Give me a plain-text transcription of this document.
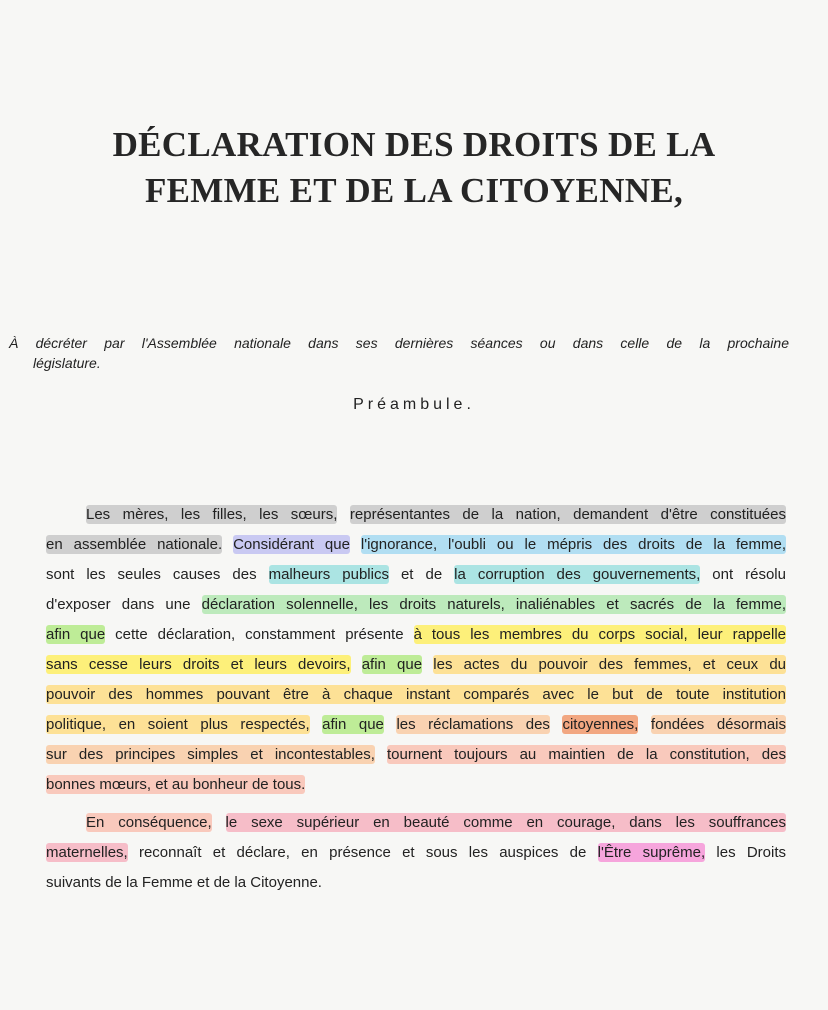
DÉCLARATION DES DROITS DE LA
FEMME ET DE LA CITOYENNE,
À décréter par l'Assemblée nationale dans ses dernières séances ou dans celle de la prochaine
législature.
Préambule.
Les mères, les filles, les sœurs, représentantes de la nation, demandent d'être constituées
en assemblée nationale. Considérant que l'ignorance, l'oubli ou le mépris des droits de la femme,
sont les seules causes des malheurs publics et de la corruption des gouvernements, ont résolu
d'exposer dans une déclaration solennelle, les droits naturels, inaliénables et sacrés de la femme,
afin que cette déclaration, constamment présente à tous les membres du corps social, leur rappelle
sans cesse leurs droits et leurs devoirs, afin que les actes du pouvoir des femmes, et ceux du
pouvoir des hommes pouvant être à chaque instant comparés avec le but de toute institution
politique, en soient plus respectés, afin que les réclamations des citoyennes, fondées désormais
sur des principes simples et incontestables, tournent toujours au maintien de la constitution, des
bonnes mœurs, et au bonheur de tous.
En conséquence, le sexe supérieur en beauté comme en courage, dans les souffrances
maternelles, reconnaît et déclare, en présence et sous les auspices de l'Être suprême, les Droits
suivants de la Femme et de la Citoyenne.
